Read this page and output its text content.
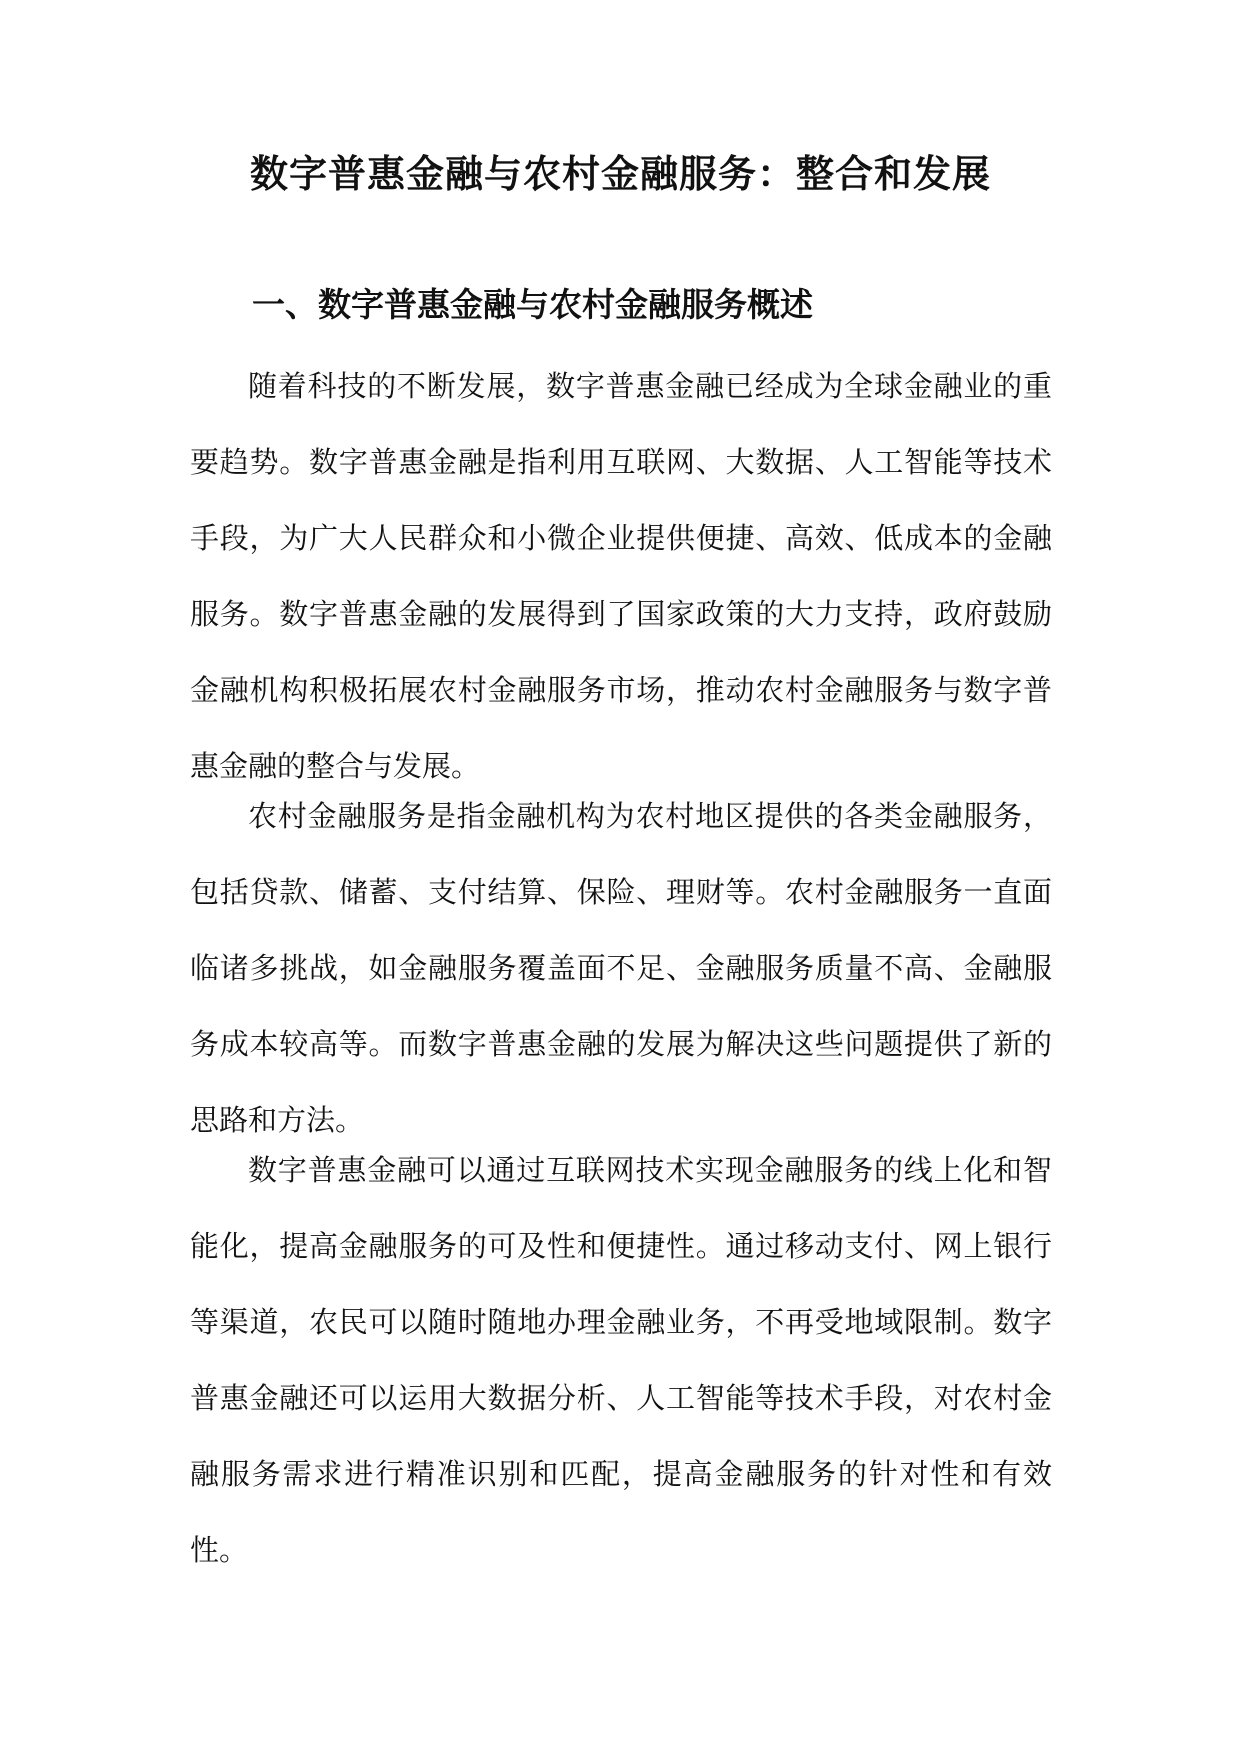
数字普惠金融与农村金融服务：整合和发展
一、数字普惠金融与农村金融服务概述

随着科技的不断发展，数字普惠金融已经成为全球金融业的重要趋势。数字普惠金融是指利用互联网、大数据、人工智能等技术手段，为广大人民群众和小微企业提供便捷、高效、低成本的金融服务。数字普惠金融的发展得到了国家政策的大力支持，政府鼓励金融机构积极拓展农村金融服务市场，推动农村金融服务与数字普惠金融的整合与发展。

农村金融服务是指金融机构为农村地区提供的各类金融服务，包括贷款、储蓄、支付结算、保险、理财等。农村金融服务一直面临诸多挑战，如金融服务覆盖面不足、金融服务质量不高、金融服务成本较高等。而数字普惠金融的发展为解决这些问题提供了新的思路和方法。

数字普惠金融可以通过互联网技术实现金融服务的线上化和智能化，提高金融服务的可及性和便捷性。通过移动支付、网上银行等渠道，农民可以随时随地办理金融业务，不再受地域限制。数字普惠金融还可以运用大数据分析、人工智能等技术手段，对农村金融服务需求进行精准识别和匹配，提高金融服务的针对性和有效性。
